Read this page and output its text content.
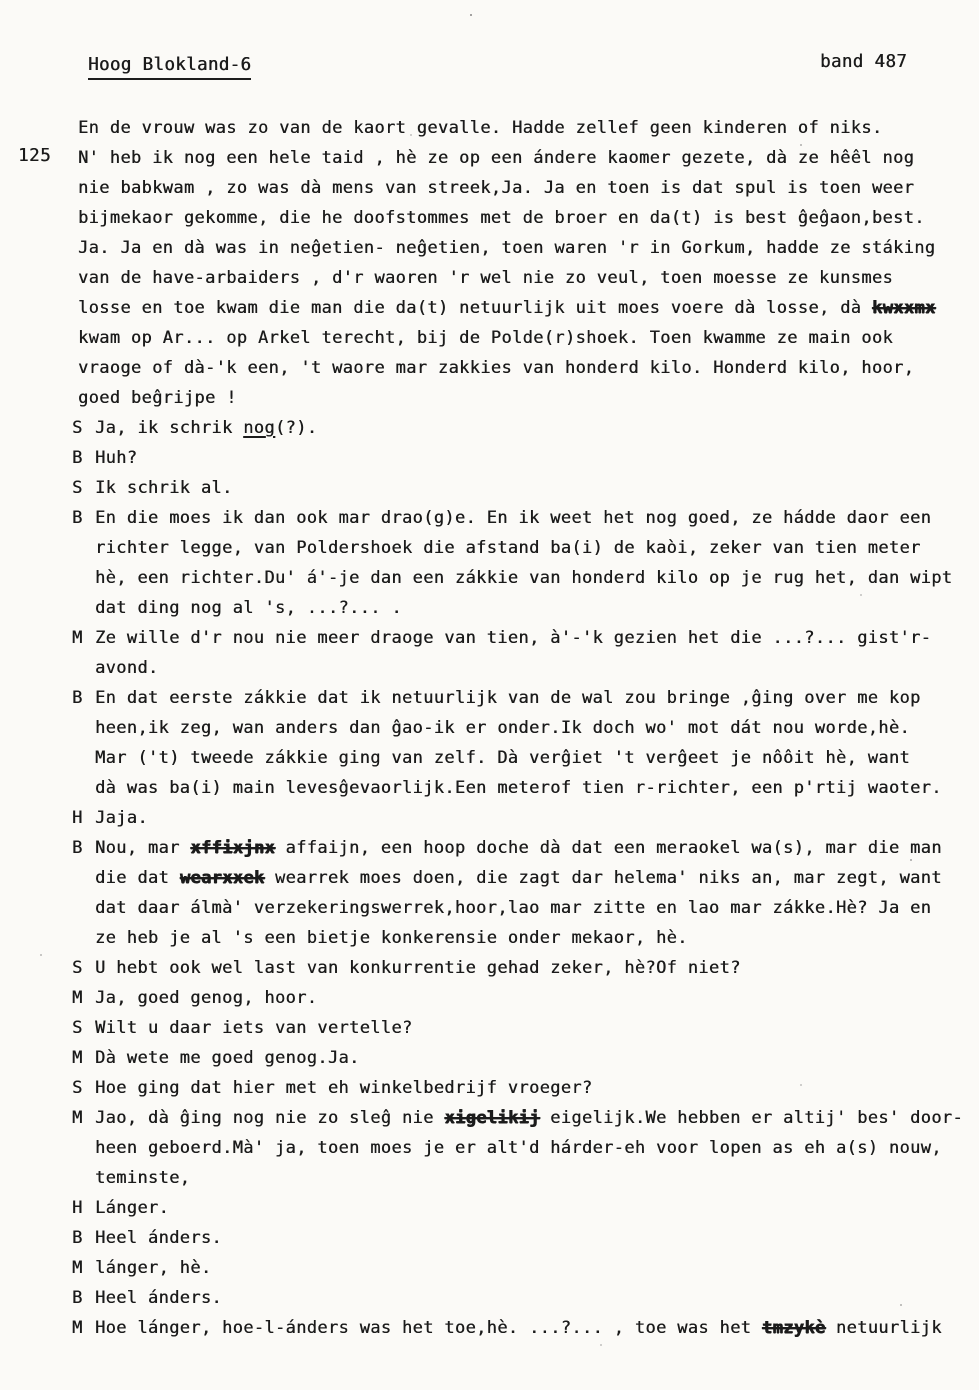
Hoog Blokland-6	band 487
125
En de vrouw was zo van de kaort gevalle. Hadde zellef geen kinderen of niks.
N' heb ik nog een hele taid , hè ze op een ándere kaomer gezete, dà ze hêêl nog
nie babkwam , zo was dà mens van streek,Ja. Ja en toen is dat spul is toen weer
bijmekaor gekomme, die he doofstommes met de broer en da(t) is best ĝeĝaon,best.
Ja. Ja en dà was in neĝetien- neĝetien, toen waren 'r in Gorkum, hadde ze stáking
van de have-arbaiders , d'r waoren 'r wel nie zo veul, toen moesse ze kunsmes
losse en toe kwam die man die da(t) netuurlijk uit moes voere dà losse, dà kwxxmx
kwam op Ar... op Arkel terecht, bij de Polde(r)shoek. Toen kwamme ze main ook
vraoge of dà-'k een, 't waore mar zakkies van honderd kilo. Honderd kilo, hoor,
goed beĝrijpe !
S Ja, ik schrik nog(?).
B Huh?
S Ik schrik al.
B En die moes ik dan ook mar drao(g)e. En ik weet het nog goed, ze hádde daor een

richter legge, van Poldershoek die afstand ba(i) de kaòi, zeker van tien meter

hè, een richter.Du' á'-je dan een zákkie van honderd kilo op je rug het, dan wipt

dat ding nog al 's, ...?... .
M Ze wille d'r nou nie meer draoge van tien, à'-'k gezien het die ...?... gist'r-

avond.
B En dat eerste zákkie dat ik netuurlijk van de wal zou bringe ,ĝing over me kop

heen,ik zeg, wan anders dan ĝao-ik er onder.Ik doch wo' mot dát nou worde,hè.

Mar ('t) tweede zákkie ging van zelf. Dà verĝiet 't verĝeet je nôôit hè, want

dà was ba(i) main levesĝevaorlijk.Een meterof tien r-richter, een p'rtij waoter.
H Jaja.
B Nou, mar xffixjnx affaijn, een hoop doche dà dat een meraokel wa(s), mar die man

die dat wearxxek wearrek moes doen, die zagt dar helema' niks an, mar zegt, want

dat daar álmà' verzekeringswerrek,hoor,lao mar zitte en lao mar zákke.Hè? Ja en

ze heb je al 's een bietje konkerensie onder mekaor, hè.
S U hebt ook wel last van konkurrentie gehad zeker, hè?Of niet?
M Ja, goed genog, hoor.
S Wilt u daar iets van vertelle?
M Dà wete me goed genog.Ja.
S Hoe ging dat hier met eh winkelbedrijf vroeger?
M Jao, dà ĝing nog nie zo sleĝ nie xigelikij eigelijk.We hebben er altij' bes' door-

heen geboerd.Mà' ja, toen moes je er alt'd hárder-eh voor lopen as eh a(s) nouw,

teminste,
H Lánger.
B Heel ánders.
M lánger, hè.
B Heel ánders.
M Hoe lánger, hoe-l-ánders was het toe,hè. ...?... , toe was het tmzykè netuurlijk
